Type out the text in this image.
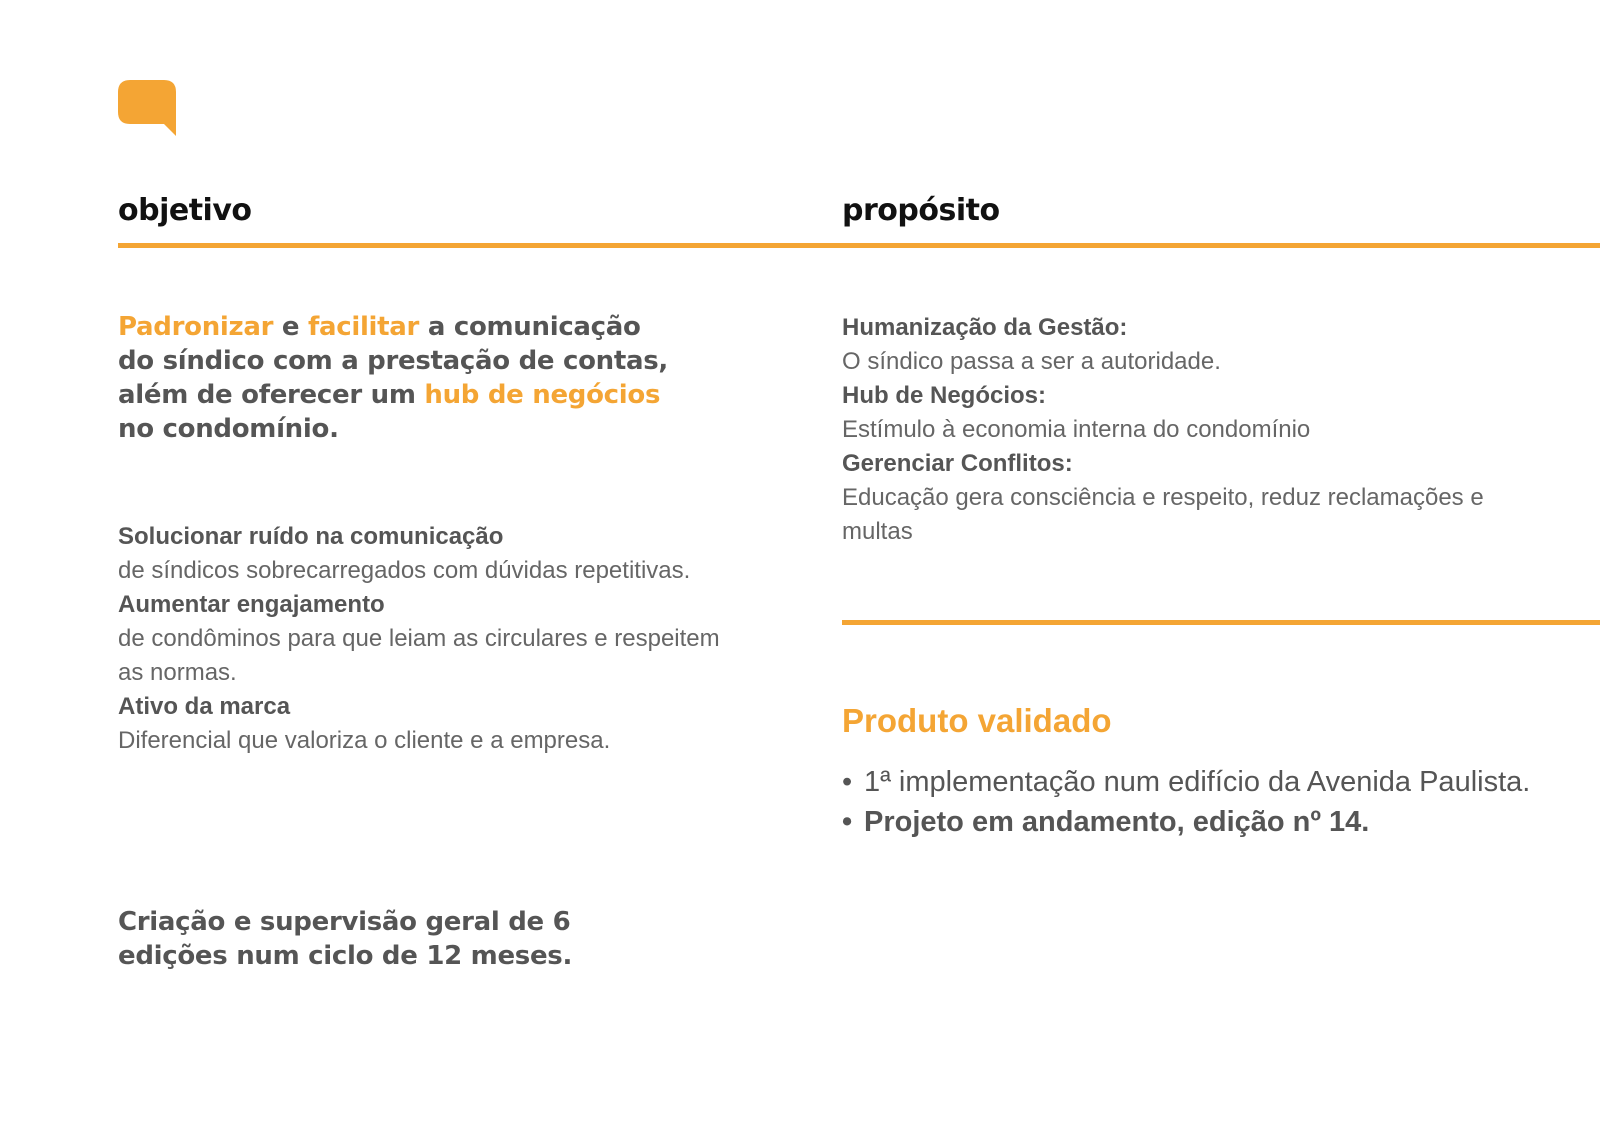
objetivo	propósito
Padronizar e facilitar a comunicação do síndico com a prestação de contas, além de oferecer um hub de negócios no condomínio.
Solucionar ruído na comunicação
de síndicos sobrecarregados com dúvidas repetitivas.
Aumentar engajamento
de condôminos para que leiam as circulares e respeitem as normas.
Ativo da marca
Diferencial que valoriza o cliente e a empresa.
Criação e supervisão geral de 6 edições num ciclo de 12 meses.
Humanização da Gestão:
O síndico passa a ser a autoridade.
Hub de Negócios:
Estímulo à economia interna do condomínio
Gerenciar Conflitos:
Educação gera consciência e respeito, reduz reclamações e multas
Produto validado
• 1ª implementação num edifício da Avenida Paulista.
• Projeto em andamento, edição nº 14.
